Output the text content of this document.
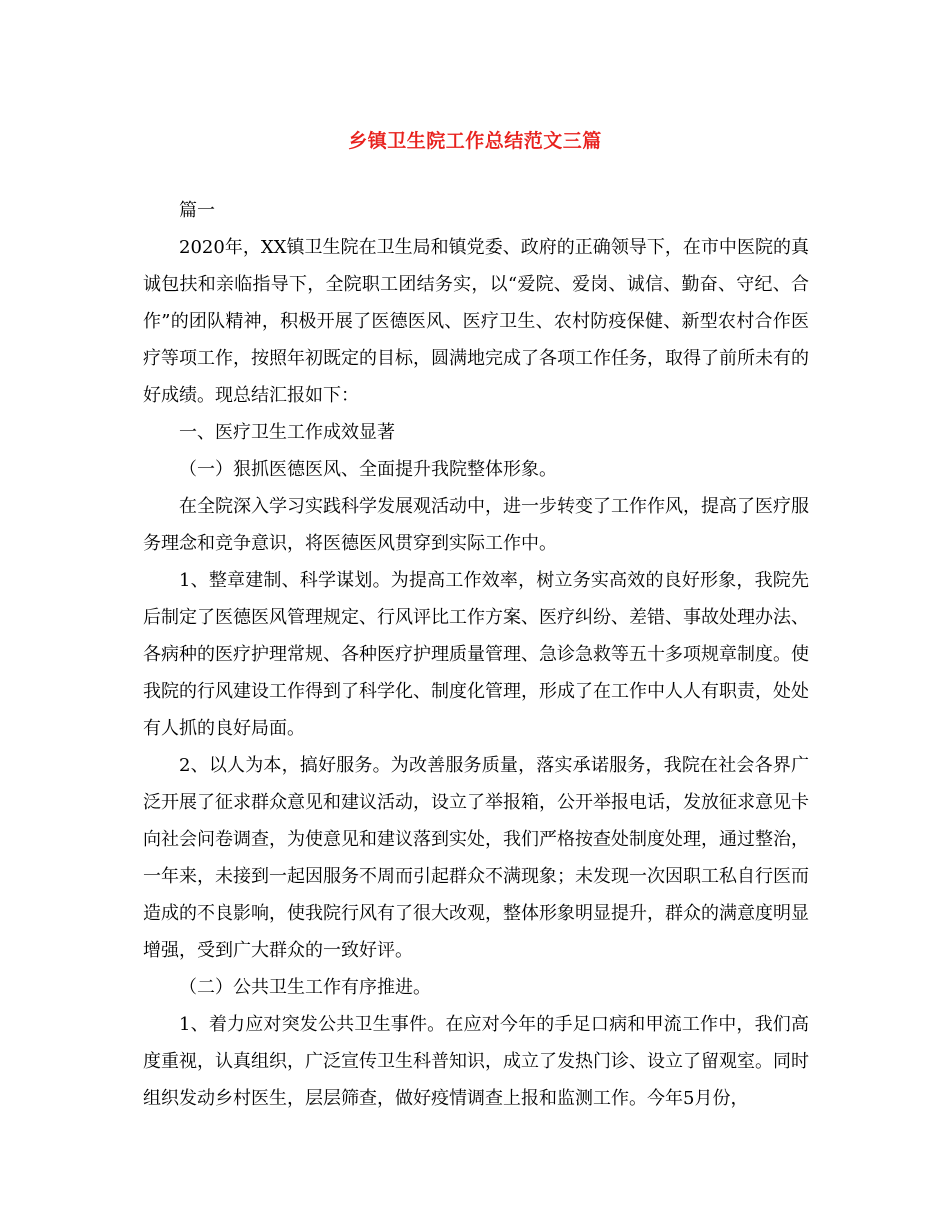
乡镇卫生院工作总结范文三篇

篇一

2020年，XX镇卫生院在卫生局和镇党委、政府的正确领导下，在市中医院的真诚包扶和亲临指导下，全院职工团结务实，以“爱院、爱岗、诚信、勤奋、守纪、合作”的团队精神，积极开展了医德医风、医疗卫生、农村防疫保健、新型农村合作医疗等项工作，按照年初既定的目标，圆满地完成了各项工作任务，取得了前所未有的好成绩。现总结汇报如下：

一、医疗卫生工作成效显著

（一）狠抓医德医风、全面提升我院整体形象。

在全院深入学习实践科学发展观活动中，进一步转变了工作作风，提高了医疗服务理念和竞争意识，将医德医风贯穿到实际工作中。

1、整章建制、科学谋划。为提高工作效率，树立务实高效的良好形象，我院先后制定了医德医风管理规定、行风评比工作方案、医疗纠纷、差错、事故处理办法、各病种的医疗护理常规、各种医疗护理质量管理、急诊急救等五十多项规章制度。使我院的行风建设工作得到了科学化、制度化管理，形成了在工作中人人有职责，处处有人抓的良好局面。

2、以人为本，搞好服务。为改善服务质量，落实承诺服务，我院在社会各界广泛开展了征求群众意见和建议活动，设立了举报箱，公开举报电话，发放征求意见卡向社会问卷调查，为使意见和建议落到实处，我们严格按查处制度处理，通过整治，一年来，未接到一起因服务不周而引起群众不满现象；未发现一次因职工私自行医而造成的不良影响，使我院行风有了很大改观，整体形象明显提升，群众的满意度明显增强，受到广大群众的一致好评。

（二）公共卫生工作有序推进。

1、着力应对突发公共卫生事件。在应对今年的手足口病和甲流工作中，我们高度重视，认真组织，广泛宣传卫生科普知识，成立了发热门诊、设立了留观室。同时组织发动乡村医生，层层筛查，做好疫情调查上报和监测工作。今年5月份，
